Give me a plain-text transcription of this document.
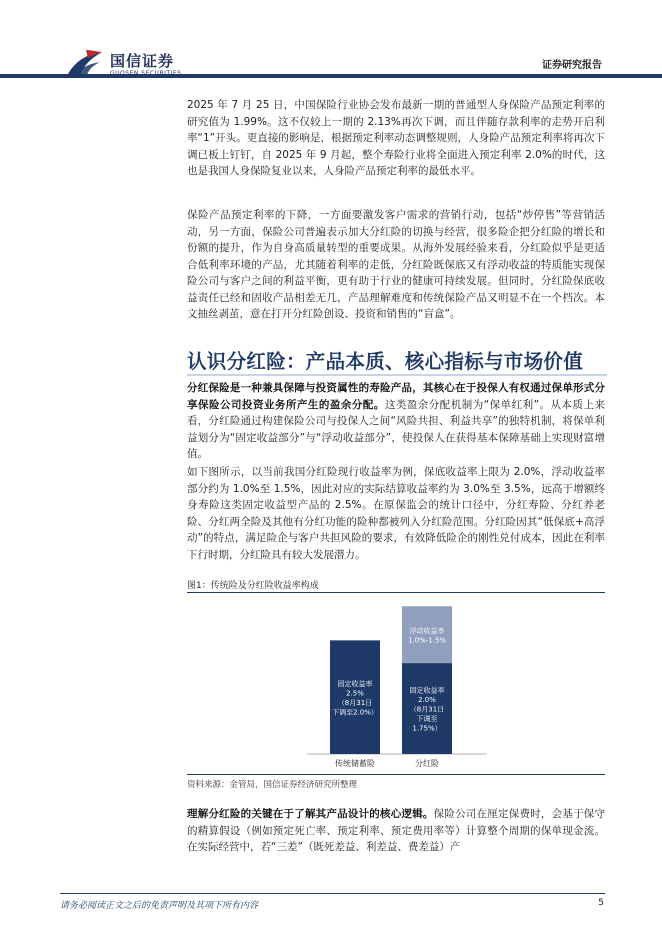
国信证券	证券研究报告

2025 年 7 月 25 日，中国保险行业协会发布最新一期的普通型人身保险产品预定利率的研究值为 1.99%。这不仅较上一期的 2.13%再次下调，而且伴随存款利率的走势开启利率“1”开头。更直接的影响是，根据预定利率动态调整规则，人身险产品预定利率将再次下调已板上钉钉，自 2025 年 9 月起，整个寿险行业将全面进入预定利率 2.0%的时代，这也是我国人身保险复业以来，人身险产品预定利率的最低水平。

保险产品预定利率的下降，一方面要激发客户需求的营销行动，包括“炒停售”等营销活动，另一方面，保险公司普遍表示加大分红险的切换与经营，很多险企把分红险的增长和份额的提升，作为自身高质量转型的重要成果。从海外发展经验来看，分红险似乎是更适合低利率环境的产品，尤其随着利率的走低，分红险既保底又有浮动收益的特质能实现保险公司与客户之间的利益平衡，更有助于行业的健康可持续发展。但同时，分红险保底收益责任已经和固收产品相差无几，产品理解难度和传统保险产品又明显不在一个档次。本文抽丝剥茧，意在打开分红险创设、投资和销售的“盲盒”。

认识分红险：产品本质、核心指标与市场价值

分红保险是一种兼具保障与投资属性的寿险产品，其核心在于投保人有权通过保单形式分享保险公司投资业务所产生的盈余分配。这类盈余分配机制为“保单红利”。从本质上来看，分红险通过构建保险公司与投保人之间“风险共担、利益共享”的独特机制，将保单利益划分为“固定收益部分”与“浮动收益部分”，使投保人在获得基本保障基础上实现财富增值。

如下图所示，以当前我国分红险现行收益率为例，保底收益率上限为 2.0%，浮动收益率部分约为 1.0%至 1.5%，因此对应的实际结算收益率约为 3.0%至 3.5%，远高于增额终身寿险这类固定收益型产品的 2.5%。在原保监会的统计口径中，分红寿险、分红养老险、分红两全险及其他有分红功能的险种都被列入分红险范围。分红险因其“低保底+高浮动”的特点，满足险企与客户共担风险的要求，有效降低险企的刚性兑付成本，因此在利率下行时期，分红险具有较大发展潜力。

图1：传统险及分红险收益率构成
固定收益率
2.5%
（8月31日
下调至2.0%）
传统储蓄险
固定收益率
2.0%
（8月31日
下调至
1.75%）
浮动收益率
1.0%-1.5%
分红险
资料来源：金管局，国信证券经济研究所整理

理解分红险的关键在于了解其产品设计的核心逻辑。保险公司在厘定保费时，会基于保守的精算假设（例如预定死亡率、预定利率、预定费用率等）计算整个周期的保单现金流。在实际经营中，若“三差”（既死差益、利差益、费差益）产

请务必阅读正文之后的免责声明及其项下所有内容	5
